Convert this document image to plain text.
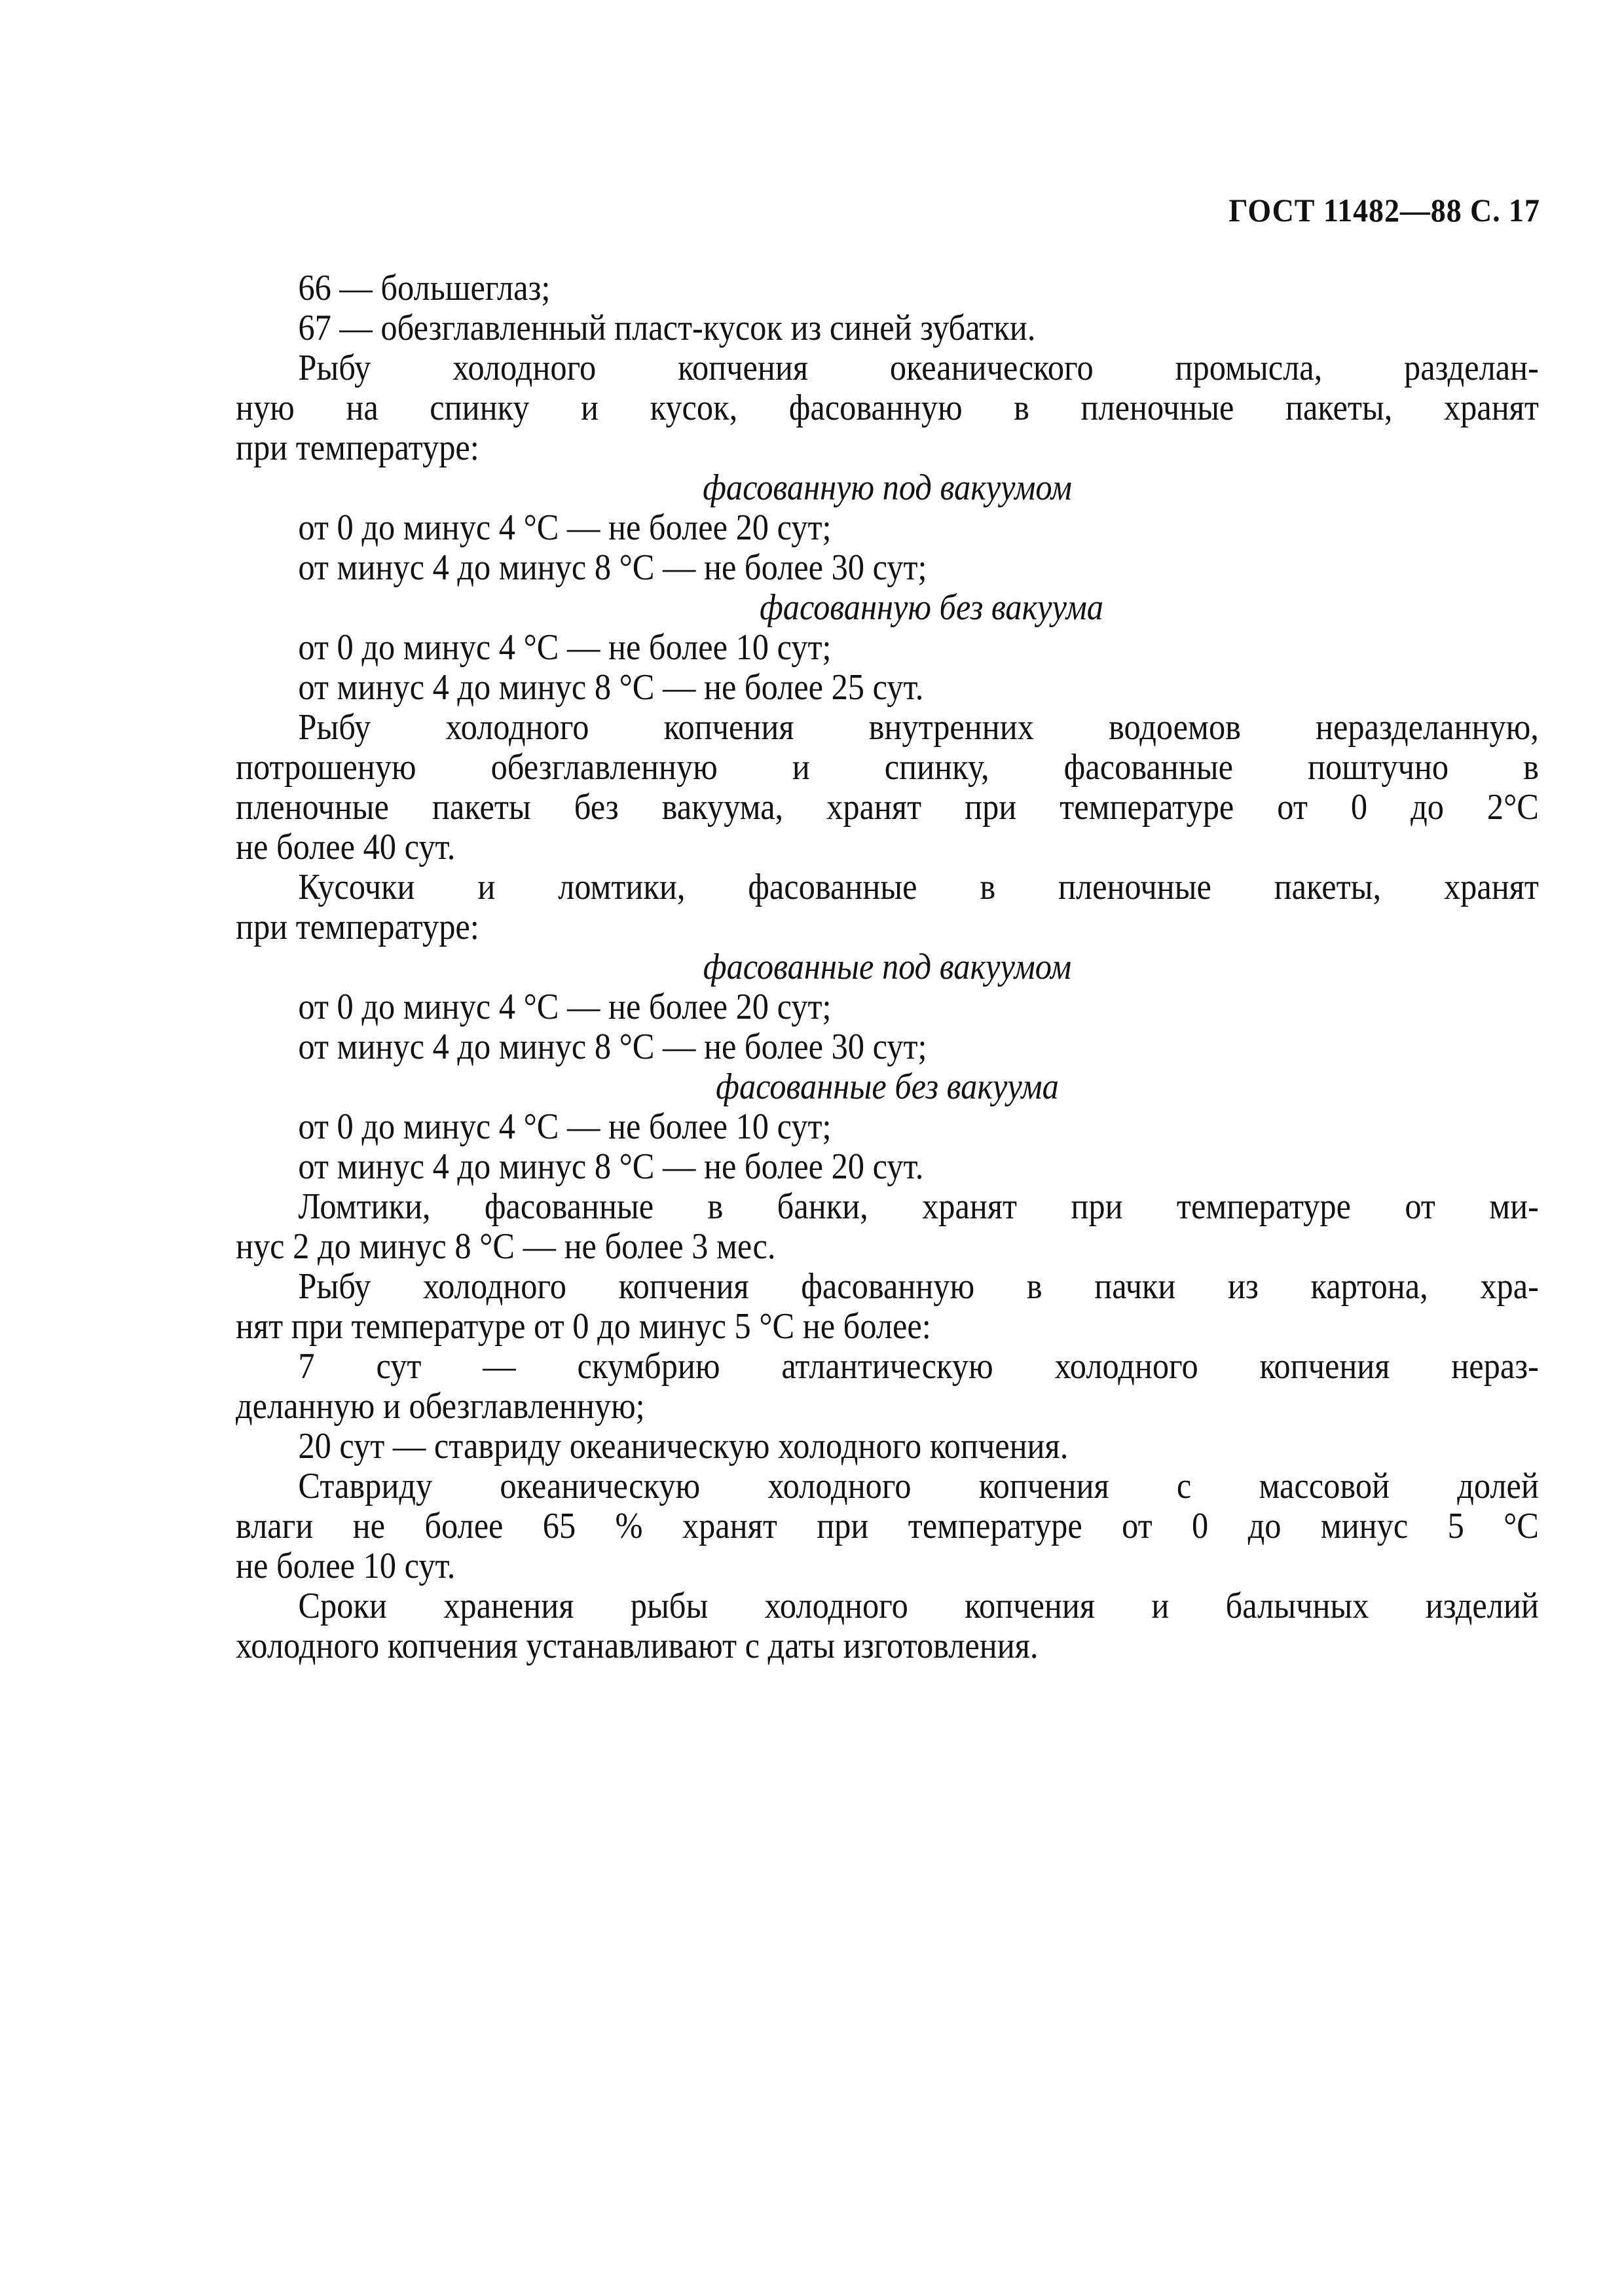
ГОСТ 11482—88 С. 17
66 — большеглаз;
67 — обезглавленный пласт-кусок из синей зубатки.
Рыбу холодного копчения океанического промысла, разделан-
ную на спинку и кусок, фасованную в пленочные пакеты, хранят
при температуре:
фасованную под вакуумом
от 0 до минус 4 °С — не более 20 сут;
от минус 4 до минус 8 °С — не более 30 сут;
фасованную без вакуума
от 0 до минус 4 °С — не более 10 сут;
от минус 4 до минус 8 °С — не более 25 сут.
Рыбу холодного копчения внутренних водоемов неразделанную,
потрошеную обезглавленную и спинку, фасованные поштучно в
пленочные пакеты без вакуума, хранят при температуре от 0 до 2°С
не более 40 сут.
Кусочки и ломтики, фасованные в пленочные пакеты, хранят
при температуре:
фасованные под вакуумом
от 0 до минус 4 °С — не более 20 сут;
от минус 4 до минус 8 °С — не более 30 сут;
фасованные без вакуума
от 0 до минус 4 °С — не более 10 сут;
от минус 4 до минус 8 °С — не более 20 сут.
Ломтики, фасованные в банки, хранят при температуре от ми-
нус 2 до минус 8 °С — не более 3 мес.
Рыбу холодного копчения фасованную в пачки из картона, хра-
нят при температуре от 0 до минус 5 °С не более:
7 сут — скумбрию атлантическую холодного копчения нераз-
деланную и обезглавленную;
20 сут — ставриду океаническую холодного копчения.
Ставриду океаническую холодного копчения с массовой долей
влаги не более 65 % хранят при температуре от 0 до минус 5 °С
не более 10 сут.
Сроки хранения рыбы холодного копчения и балычных изделий
холодного копчения устанавливают с даты изготовления.
